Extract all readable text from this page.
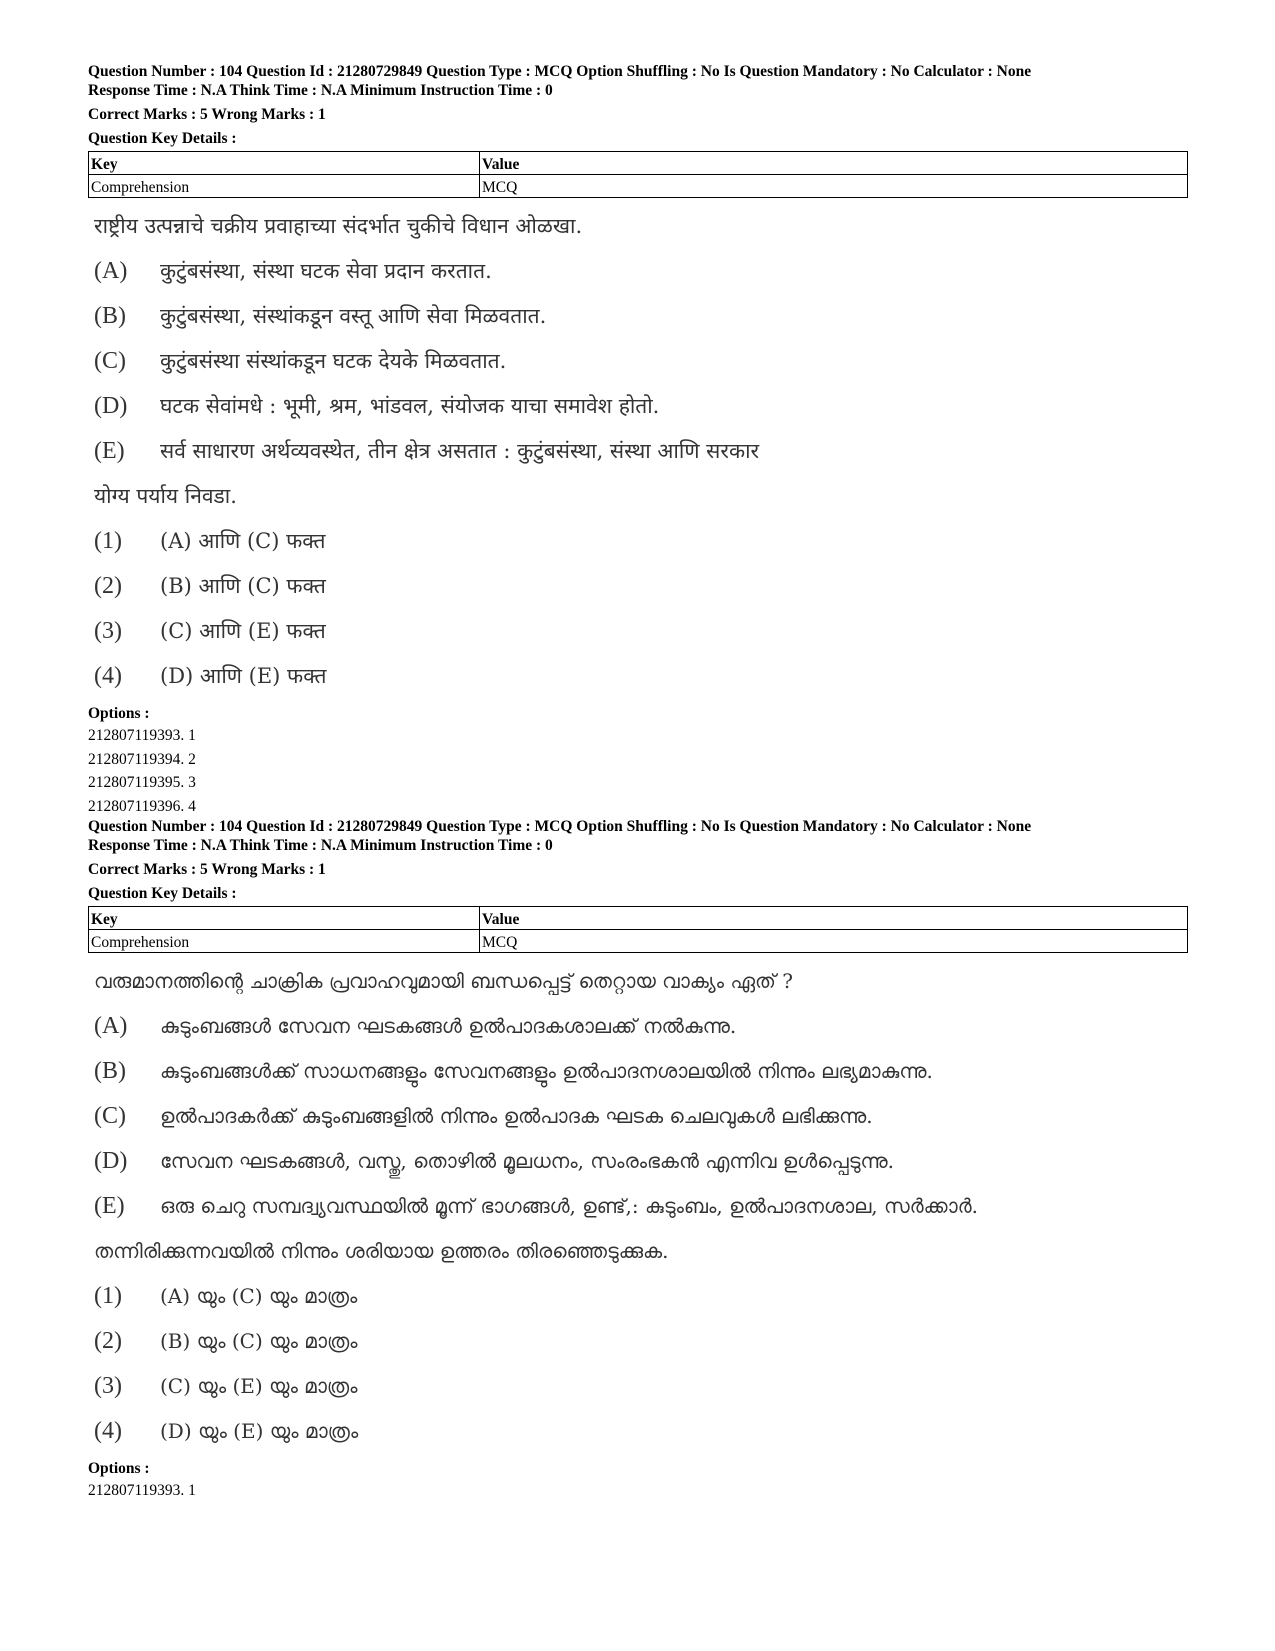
Question Number : 104 Question Id : 21280729849 Question Type : MCQ Option Shuffling : No Is Question Mandatory : No Calculator : None
Response Time : N.A Think Time : N.A Minimum Instruction Time : 0
Correct Marks : 5 Wrong Marks : 1
Question Key Details :
Key	Value
Comprehension	MCQ
राष्ट्रीय उत्पन्नाचे चक्रीय प्रवाहाच्या संदर्भात चुकीचे विधान ओळखा.
(A) कुटुंबसंस्था, संस्था घटक सेवा प्रदान करतात.
(B) कुटुंबसंस्था, संस्थांकडून वस्तू आणि सेवा मिळवतात.
(C) कुटुंबसंस्था संस्थांकडून घटक देयके मिळवतात.
(D) घटक सेवांमधे : भूमी, श्रम, भांडवल, संयोजक याचा समावेश होतो.
(E) सर्व साधारण अर्थव्यवस्थेत, तीन क्षेत्र असतात : कुटुंबसंस्था, संस्था आणि सरकार
योग्य पर्याय निवडा.
(1) (A) आणि (C) फक्त
(2) (B) आणि (C) फक्त
(3) (C) आणि (E) फक्त
(4) (D) आणि (E) फक्त
Options :
212807119393. 1
212807119394. 2
212807119395. 3
212807119396. 4
Question Number : 104 Question Id : 21280729849 Question Type : MCQ Option Shuffling : No Is Question Mandatory : No Calculator : None
Response Time : N.A Think Time : N.A Minimum Instruction Time : 0
Correct Marks : 5 Wrong Marks : 1
Question Key Details :
Key	Value
Comprehension	MCQ
വരുമാനത്തിന്റെ ചാക്രിക പ്രവാഹവുമായി ബന്ധപ്പെട്ട് തെറ്റായ വാക്യം ഏത് ?
(A) കുടുംബങ്ങൾ സേവന ഘടകങ്ങൾ ഉൽപാദകശാലക്ക് നൽകുന്നു.
(B) കുടുംബങ്ങൾക്ക് സാധനങ്ങളും സേവനങ്ങളും ഉൽപാദനശാലയിൽ നിന്നും ലഭ്യമാകുന്നു.
(C) ഉൽപാദകർക്ക് കുടുംബങ്ങളിൽ നിന്നും ഉൽപാദക ഘടക ചെലവുകൾ ലഭിക്കുന്നു.
(D) സേവന ഘടകങ്ങൾ, വസ്തു, തൊഴിൽ മൂലധനം, സംരംഭകൻ എന്നിവ ഉൾപ്പെടുന്നു.
(E) ഒരു ചെറു സമ്പദ്വ്യവസ്ഥയിൽ മൂന്ന് ഭാഗങ്ങൾ, ഉണ്ട്,: കുടുംബം, ഉൽപാദനശാല, സർക്കാർ.
തന്നിരിക്കുന്നവയിൽ നിന്നും ശരിയായ ഉത്തരം തിരഞ്ഞെടുക്കുക.
(1) (A) യും (C) യും മാത്രം
(2) (B) യും (C) യും മാത്രം
(3) (C) യും (E) യും മാത്രം
(4) (D) യും (E) യും മാത്രം
Options :
212807119393. 1
